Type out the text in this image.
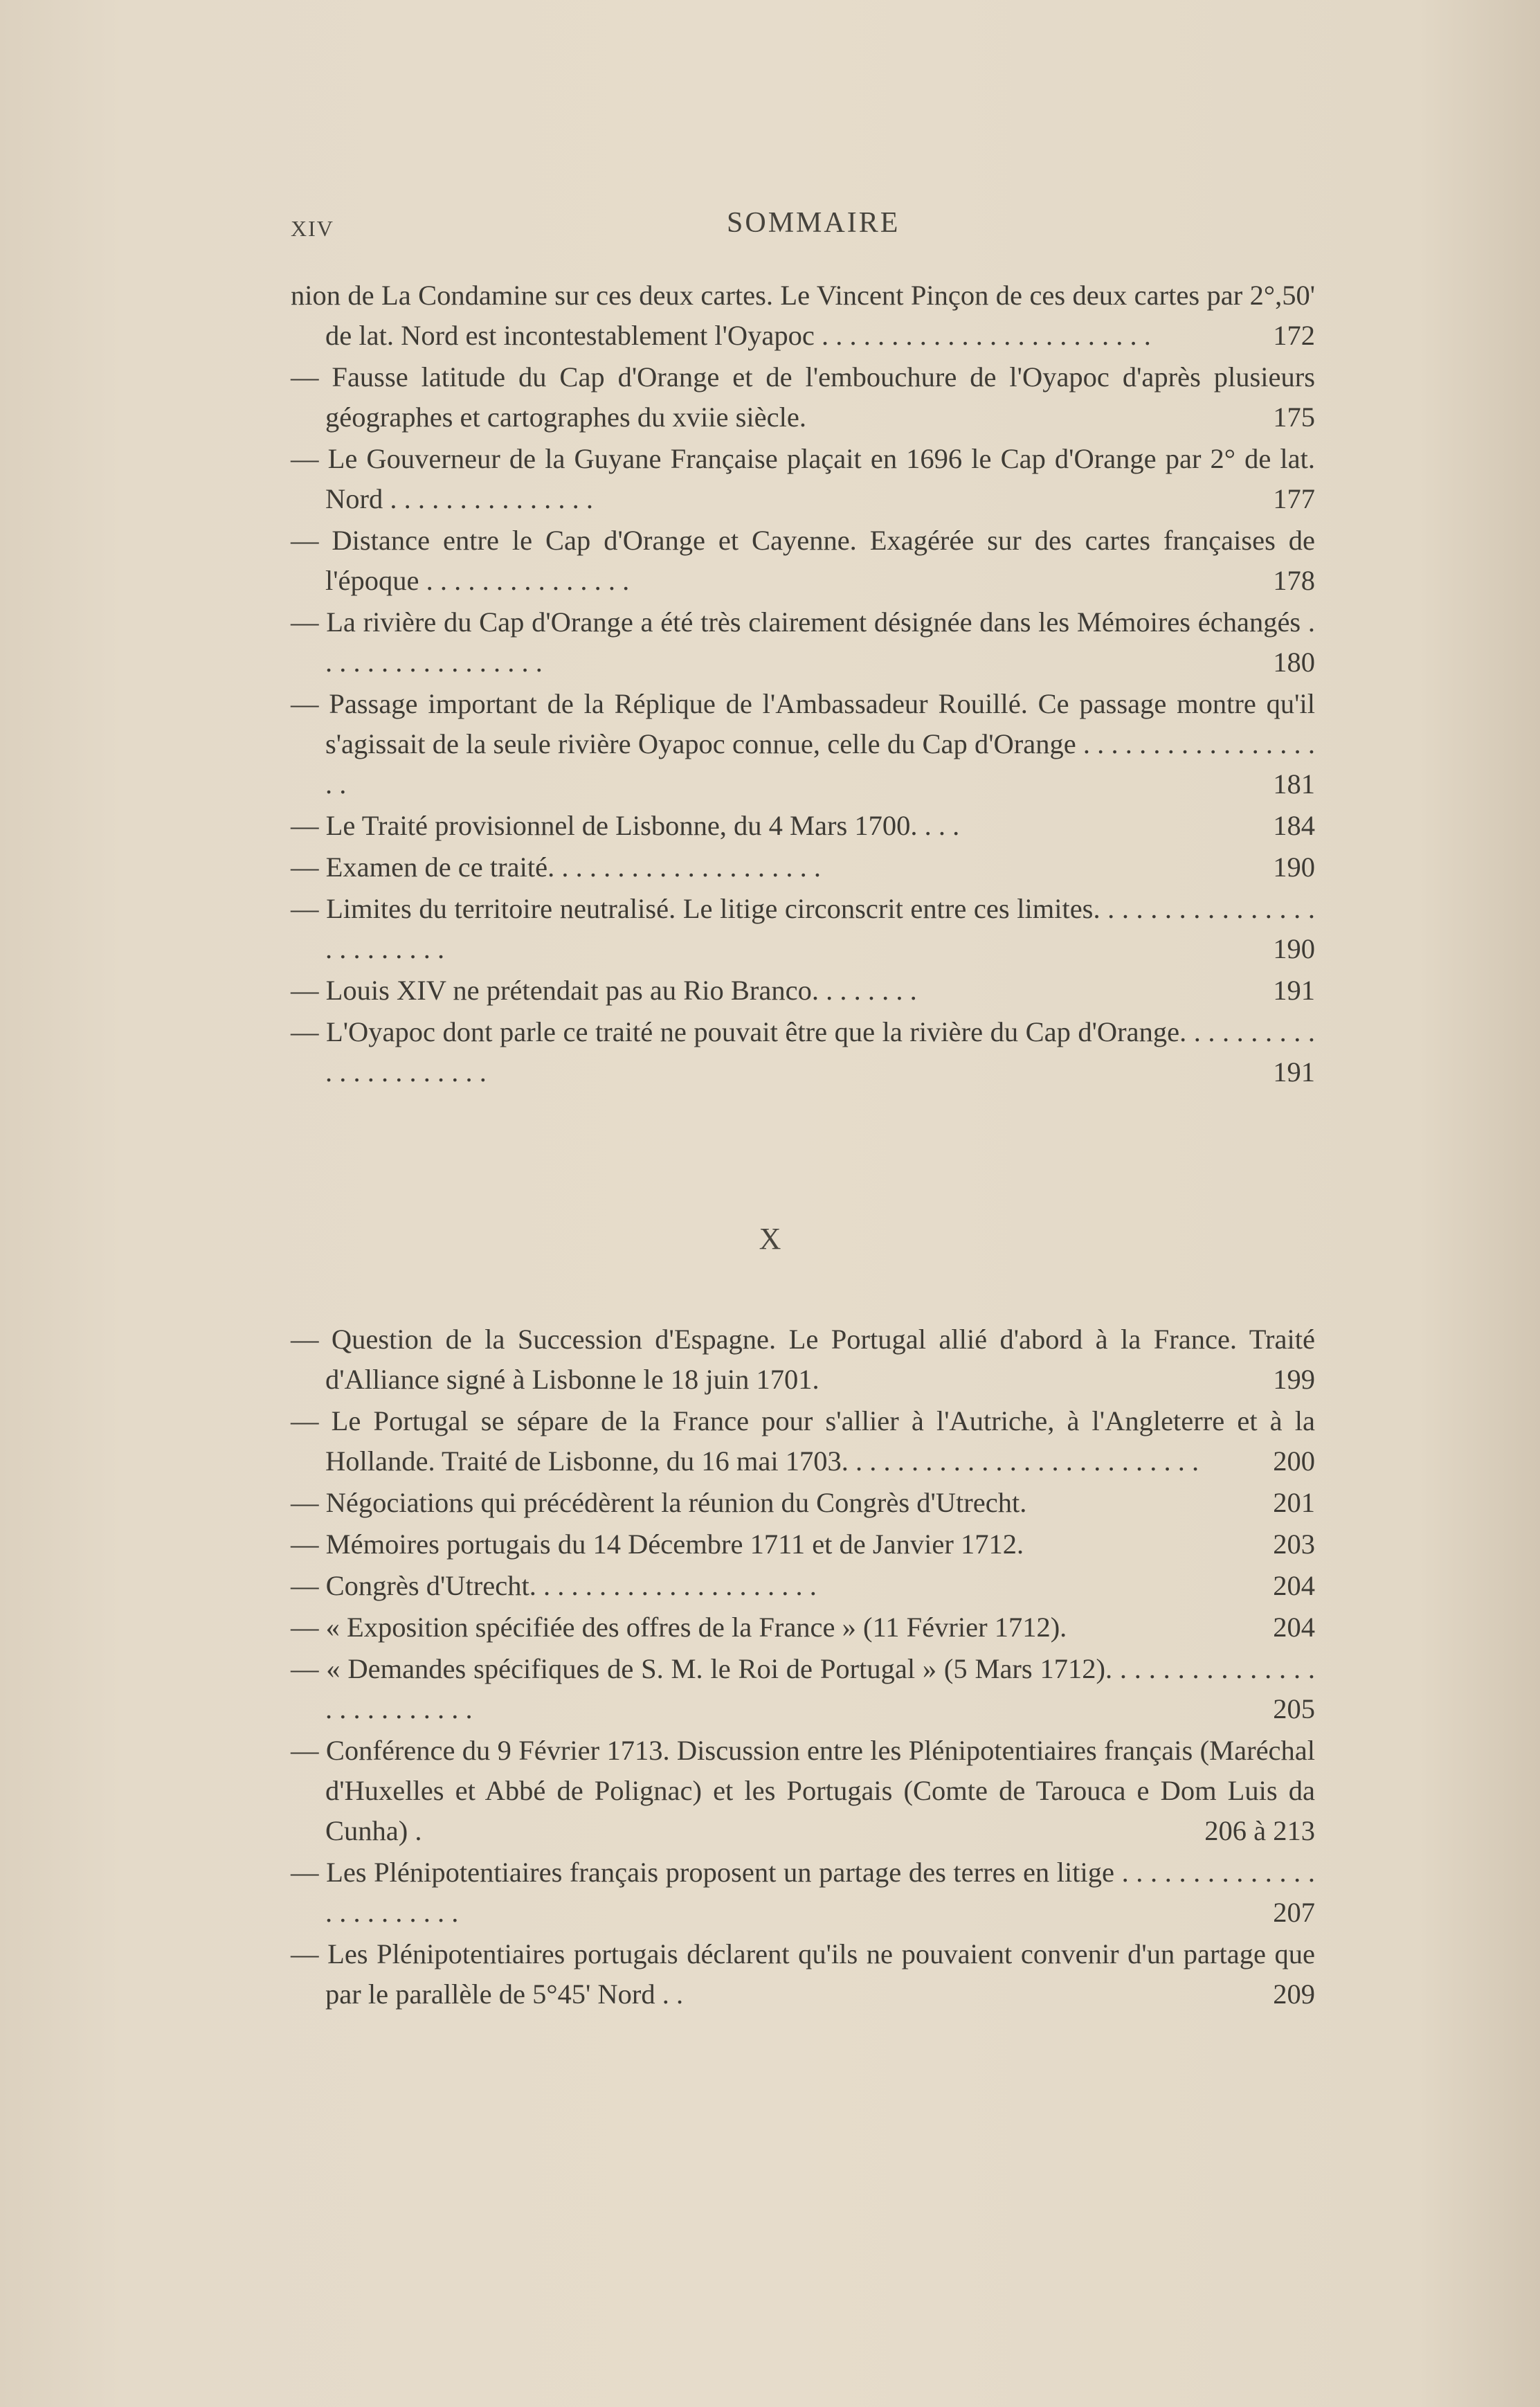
XIV	SOMMAIRE

nion de La Condamine sur ces deux cartes. Le Vincent Pinçon de ces deux cartes par 2°,50' de lat. Nord est incontestablement l'Oyapoc . . . . . . . . . . . . . . . . . . . . . . . .	172

— Fausse latitude du Cap d'Orange et de l'embouchure de l'Oyapoc d'après plusieurs géographes et cartographes du xviie siècle.	175

— Le Gouverneur de la Guyane Française plaçait en 1696 le Cap d'Orange par 2° de lat. Nord . . . . . . . . . . . . . . .	177

— Distance entre le Cap d'Orange et Cayenne. Exagérée sur des cartes françaises de l'époque . . . . . . . . . . . . . . .	178

— La rivière du Cap d'Orange a été très clairement désignée dans les Mémoires échangés . . . . . . . . . . . . . . . . .	180

— Passage important de la Réplique de l'Ambassadeur Rouillé. Ce passage montre qu'il s'agissait de la seule rivière Oyapoc connue, celle du Cap d'Orange . . . . . . . . . . . . . . . . . . .	181

— Le Traité provisionnel de Lisbonne, du 4 Mars 1700. . . .	184

— Examen de ce traité. . . . . . . . . . . . . . . . . . . .	190

— Limites du territoire neutralisé. Le litige circonscrit entre ces limites. . . . . . . . . . . . . . . . . . . . . . . . .	190

— Louis XIV ne prétendait pas au Rio Branco. . . . . . . .	191

— L'Oyapoc dont parle ce traité ne pouvait être que la rivière du Cap d'Orange. . . . . . . . . . . . . . . . . . . . . .	191

X

— Question de la Succession d'Espagne. Le Portugal allié d'abord à la France. Traité d'Alliance signé à Lisbonne le 18 juin 1701.	199

— Le Portugal se sépare de la France pour s'allier à l'Autriche, à l'Angleterre et à la Hollande. Traité de Lisbonne, du 16 mai 1703. . . . . . . . . . . . . . . . . . . . . . . . . .	200

— Négociations qui précédèrent la réunion du Congrès d'Utrecht.	201

— Mémoires portugais du 14 Décembre 1711 et de Janvier 1712.	203

— Congrès d'Utrecht. . . . . . . . . . . . . . . . . . . . .	204

— « Exposition spécifiée des offres de la France » (11 Février 1712).	204

— « Demandes spécifiques de S. M. le Roi de Portugal » (5 Mars 1712). . . . . . . . . . . . . . . . . . . . . . . . . .	205

— Conférence du 9 Février 1713. Discussion entre les Plénipotentiaires français (Maréchal d'Huxelles et Abbé de Polignac) et les Portugais (Comte de Tarouca e Dom Luis da Cunha) .	206 à 213

— Les Plénipotentiaires français proposent un partage des terres en litige . . . . . . . . . . . . . . . . . . . . . . . .	207

— Les Plénipotentiaires portugais déclarent qu'ils ne pouvaient convenir d'un partage que par le parallèle de 5°45' Nord . .	209
